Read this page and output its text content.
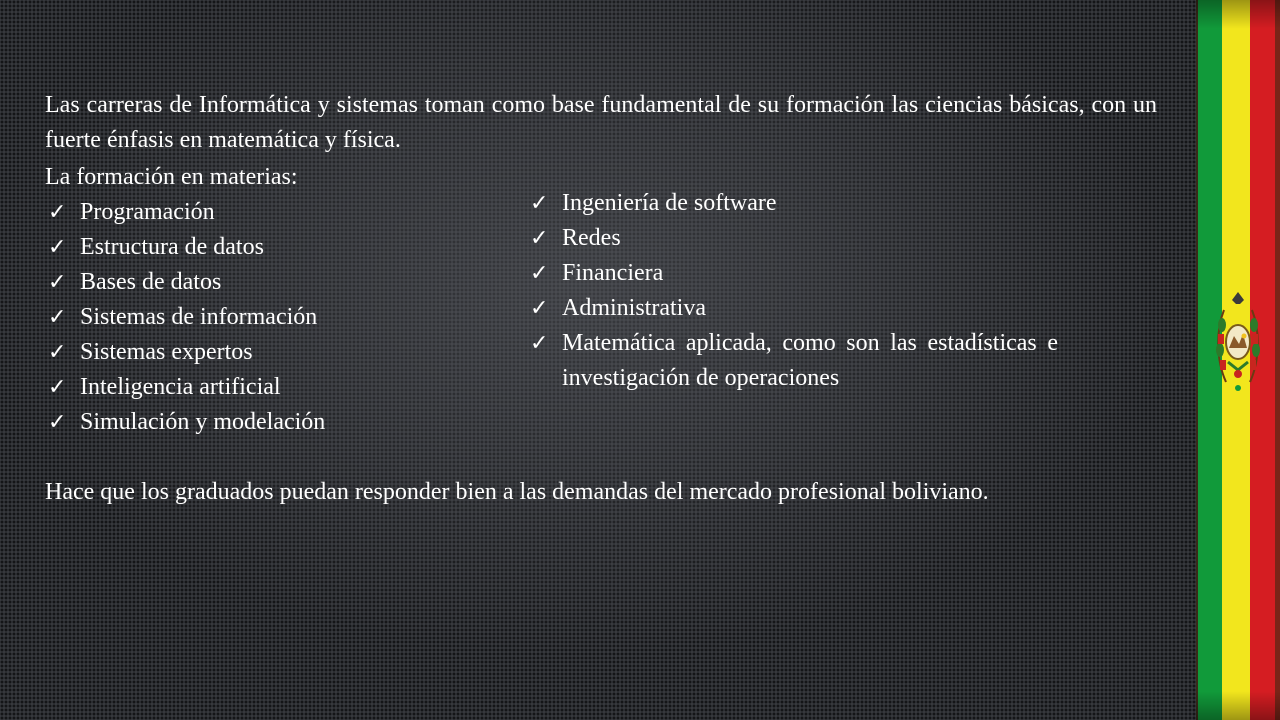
Las carreras de Informática y sistemas toman como base fundamental de su formación las ciencias básicas, con un fuerte énfasis en matemática y física.

La formación en materias:

✓ Programación
✓ Estructura de datos
✓ Bases de datos
✓ Sistemas de información
✓ Sistemas expertos
✓ Inteligencia artificial
✓ Simulación y modelación
✓ Ingeniería de software
✓ Redes
✓ Financiera
✓ Administrativa
✓ Matemática aplicada, como son las estadísticas e investigación de operaciones

Hace que los graduados puedan responder bien a las demandas del mercado profesional boliviano.
